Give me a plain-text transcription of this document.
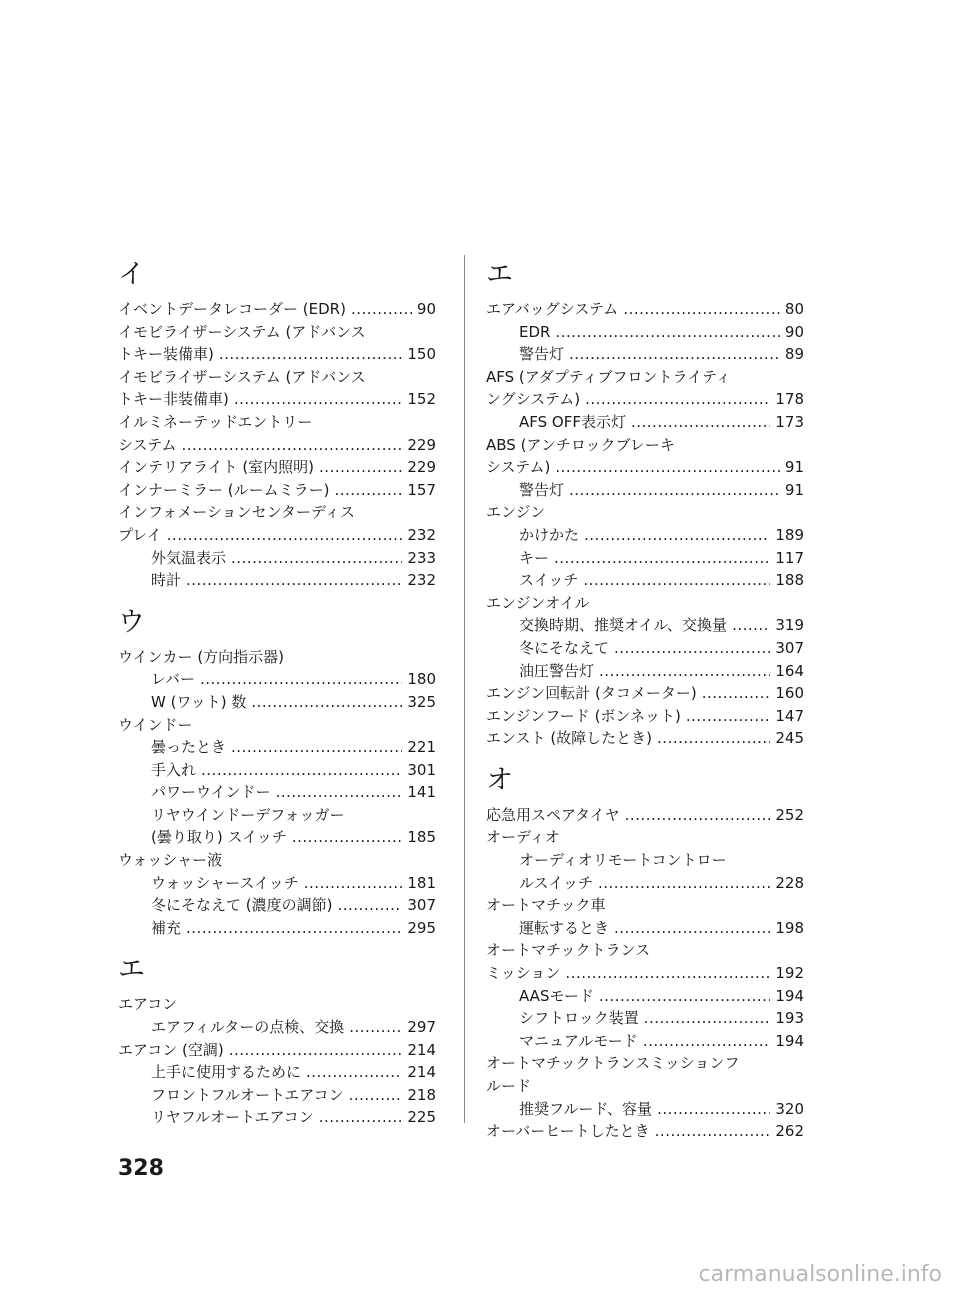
イ
イベントデータレコーダー (EDR) .....	90
イモビライザーシステム (アドバンス
トキー装備車) .....	150
イモビライザーシステム (アドバンス
トキー非装備車) .....	152
イルミネーテッドエントリー
システム .....	229
インテリアライト (室内照明) .....	229
インナーミラー (ルームミラー) .....	157
インフォメーションセンターディス
プレイ .....	232
外気温表示 .....	233
時計 .....	232
ウ
ウインカー (方向指示器)
レバー .....	180
W (ワット) 数 .....	325
ウインドー
曇ったとき .....	221
手入れ .....	301
パワーウインドー .....	141
リヤウインドーデフォッガー
(曇り取り) スイッチ .....	185
ウォッシャー液
ウォッシャースイッチ .....	181
冬にそなえて (濃度の調節) .....	307
補充 .....	295
エ
エアコン
エアフィルターの点検、交換 .....	297
エアコン (空調) .....	214
上手に使用するために .....	214
フロントフルオートエアコン .....	218
リヤフルオートエアコン .....	225
エ
エアバッグシステム .....	80
EDR .....	90
警告灯 .....	89
AFS (アダプティブフロントライティ
ングシステム) .....	178
AFS OFF表示灯 .....	173
ABS (アンチロックブレーキ
システム) .....	91
警告灯 .....	91
エンジン
かけかた .....	189
キー .....	117
スイッチ .....	188
エンジンオイル
交換時期、推奨オイル、交換量 .....	319
冬にそなえて .....	307
油圧警告灯 .....	164
エンジン回転計 (タコメーター) .....	160
エンジンフード (ボンネット) .....	147
エンスト (故障したとき) .....	245
オ
応急用スペアタイヤ .....	252
オーディオ
オーディオリモートコントロー
ルスイッチ .....	228
オートマチック車
運転するとき .....	198
オートマチックトランス
ミッション .....	192
AASモード .....	194
シフトロック装置 .....	193
マニュアルモード .....	194
オートマチックトランスミッションフ
ルード
推奨フルード、容量 .....	320
オーバーヒートしたとき .....	262
328
carmanualsonline.info
